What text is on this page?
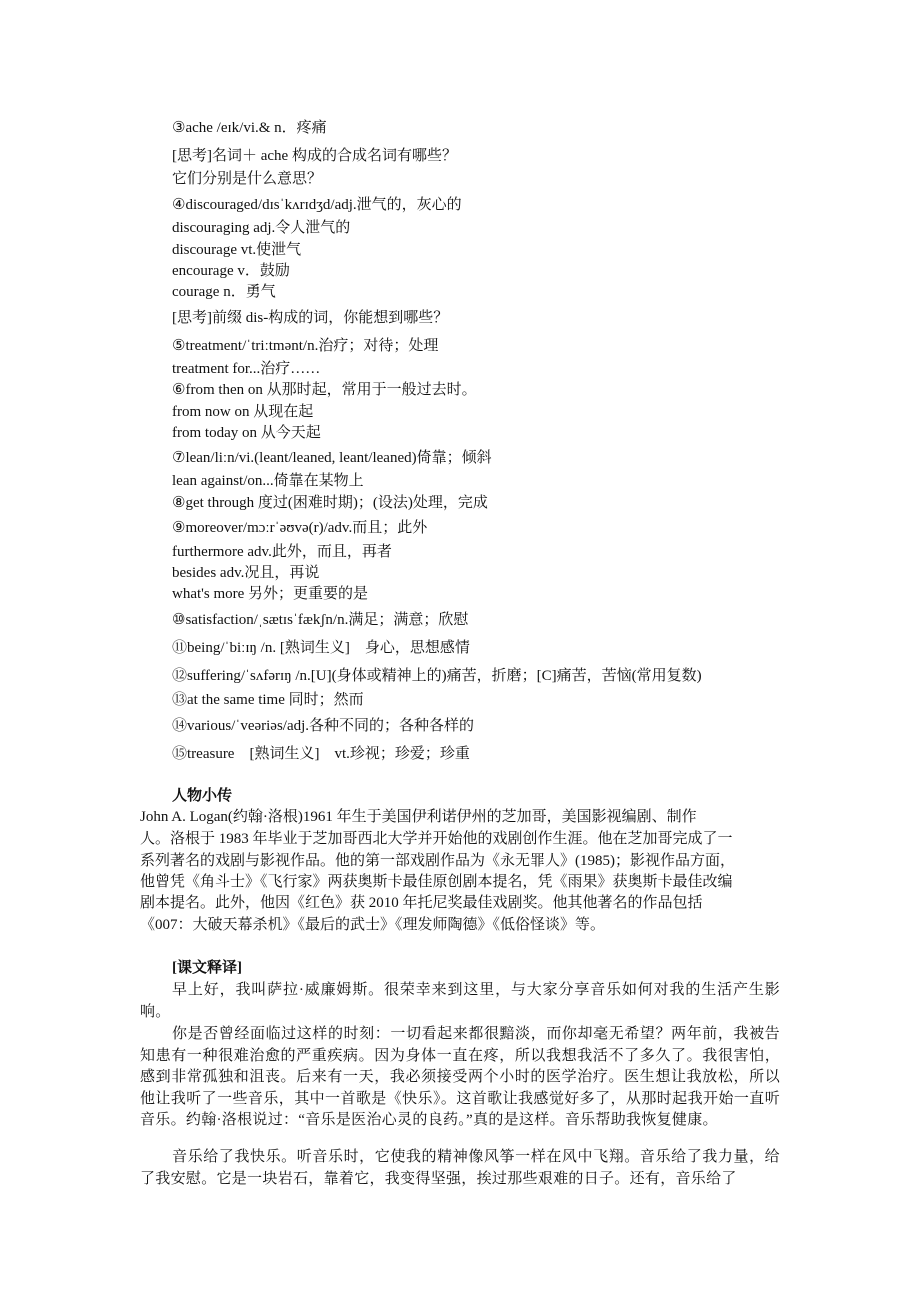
③ache /eɪk/vi.& n．疼痛
[思考]名词＋ ache 构成的合成名词有哪些？
它们分别是什么意思？
④discouraged/dɪsˈkʌrɪdʒd/adj.泄气的，灰心的
discouraging adj.令人泄气的
discourage vt.使泄气
encourage v．鼓励
courage n．勇气
[思考]前缀 dis-构成的词，你能想到哪些？
⑤treatment/ˈtriːtmənt/n.治疗；对待；处理
treatment for...治疗……
⑥from then on 从那时起，常用于一般过去时。
from now on 从现在起
from today on 从今天起
⑦lean/liːn/vi.(leant/leaned, leant/leaned)倚靠；倾斜
lean against/on...倚靠在某物上
⑧get through 度过(困难时期)；(设法)处理，完成
⑨moreover/mɔːrˈəʊvə(r)/adv.而且；此外
furthermore adv.此外，而且，再者
besides adv.况且，再说
what's more 另外；更重要的是
⑩satisfaction/ˌsætɪsˈfækʃn/n.满足；满意；欣慰
⑪being/ˈbiːɪŋ /n. [熟词生义]　身心，思想感情
⑫suffering/ˈsʌfərɪŋ /n.[U](身体或精神上的)痛苦，折磨；[C]痛苦，苦恼(常用复数)
⑬at the same time 同时；然而
⑭various/ˈveəriəs/adj.各种不同的；各种各样的
⑮treasure　[熟词生义]　vt.珍视；珍爱；珍重
人物小传
John A. Logan(约翰·洛根)1961 年生于美国伊利诺伊州的芝加哥，美国影视编剧、制作
人。洛根于 1983 年毕业于芝加哥西北大学并开始他的戏剧创作生涯。他在芝加哥完成了一
系列著名的戏剧与影视作品。他的第一部戏剧作品为《永无罪人》(1985)；影视作品方面，
他曾凭《角斗士》《飞行家》两获奥斯卡最佳原创剧本提名，凭《雨果》获奥斯卡最佳改编
剧本提名。此外，他因《红色》获 2010 年托尼奖最佳戏剧奖。他其他著名的作品包括
《007：大破天幕杀机》《最后的武士》《理发师陶德》《低俗怪谈》等。
[课文释译]
早上好，我叫萨拉·威廉姆斯。很荣幸来到这里，与大家分享音乐如何对我的生活产生影响。
你是否曾经面临过这样的时刻：一切看起来都很黯淡，而你却毫无希望？两年前，我被告知患有一种很难治愈的严重疾病。因为身体一直在疼，所以我想我活不了多久了。我很害怕，感到非常孤独和沮丧。后来有一天，我必须接受两个小时的医学治疗。医生想让我放松，所以他让我听了一些音乐，其中一首歌是《快乐》。这首歌让我感觉好多了，从那时起我开始一直听音乐。约翰·洛根说过：“音乐是医治心灵的良药。”真的是这样。音乐帮助我恢复健康。
音乐给了我快乐。听音乐时，它使我的精神像风筝一样在风中飞翔。音乐给了我力量，给了我安慰。它是一块岩石，靠着它，我变得坚强，挨过那些艰难的日子。还有，音乐给了
